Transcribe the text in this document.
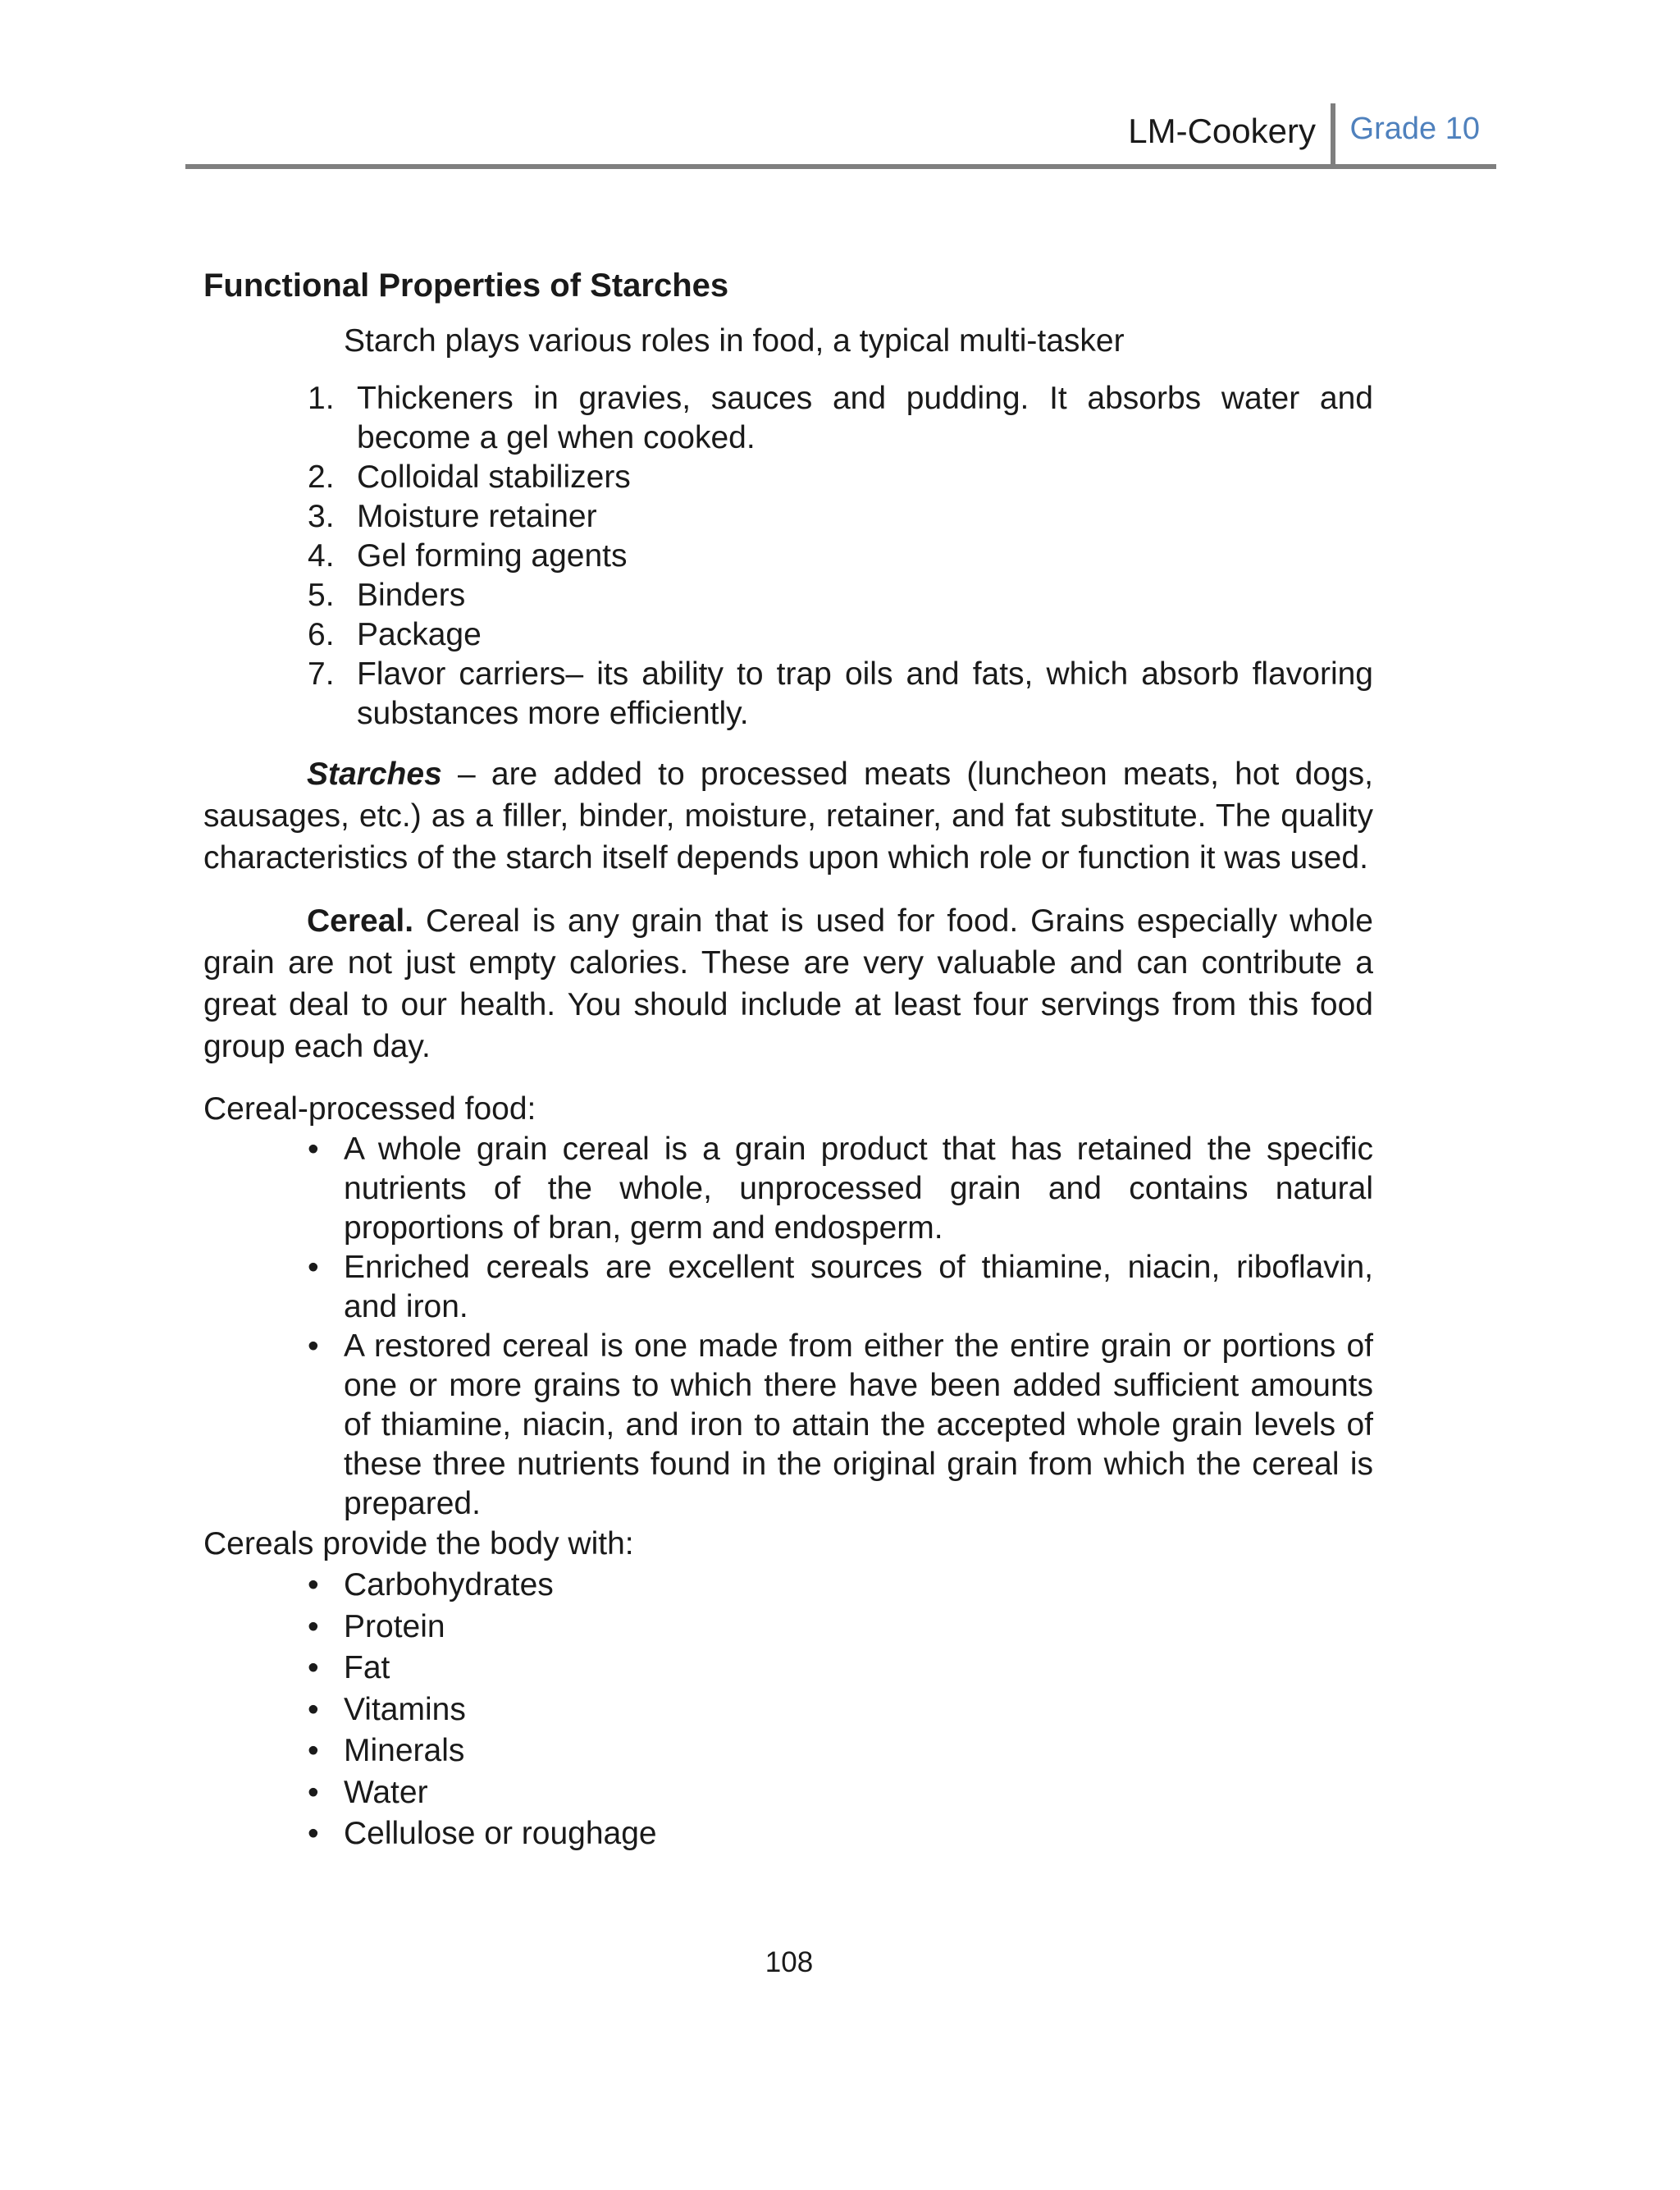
LM-Cookery Grade 10
Functional Properties of Starches
Starch plays various roles in food, a typical multi-tasker
1. Thickeners in gravies, sauces and pudding. It absorbs water and become a gel when cooked.
2. Colloidal stabilizers
3. Moisture retainer
4. Gel forming agents
5. Binders
6. Package
7. Flavor carriers– its ability to trap oils and fats, which absorb flavoring substances more efficiently.

Starches – are added to processed meats (luncheon meats, hot dogs, sausages, etc.) as a filler, binder, moisture, retainer, and fat substitute. The quality characteristics of the starch itself depends upon which role or function it was used.

Cereal. Cereal is any grain that is used for food. Grains especially whole grain are not just empty calories. These are very valuable and can contribute a great deal to our health. You should include at least four servings from this food group each day.

Cereal-processed food:
• A whole grain cereal is a grain product that has retained the specific nutrients of the whole, unprocessed grain and contains natural proportions of bran, germ and endosperm.
• Enriched cereals are excellent sources of thiamine, niacin, riboflavin, and iron.
• A restored cereal is one made from either the entire grain or portions of one or more grains to which there have been added sufficient amounts of thiamine, niacin, and iron to attain the accepted whole grain levels of these three nutrients found in the original grain from which the cereal is prepared.
Cereals provide the body with:
• Carbohydrates
• Protein
• Fat
• Vitamins
• Minerals
• Water
• Cellulose or roughage
108
